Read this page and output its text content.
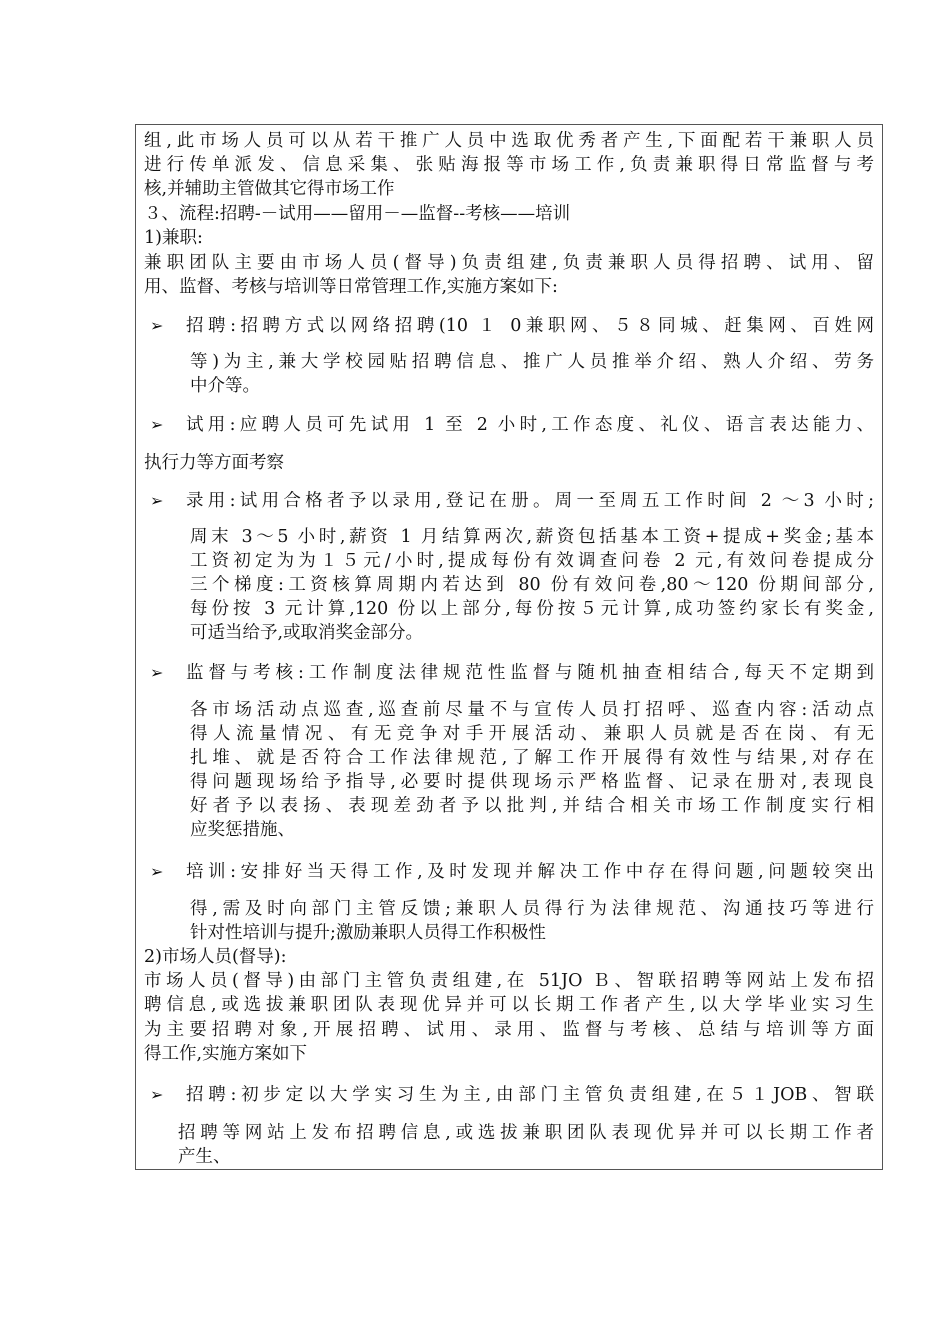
组,此市场人员可以从若干推广人员中选取优秀者产生,下面配若干兼职人员
进行传单派发、信息采集、张贴海报等市场工作,负责兼职得日常监督与考
核,并辅助主管做其它得市场工作
３、流程:招聘-－试用——留用－—监督--考核——培训
1)兼职:
兼职团队主要由市场人员(督导)负责组建,负责兼职人员得招聘、试用、留
用、监督、考核与培训等日常管理工作,实施方案如下:
➢ 招聘:招聘方式以网络招聘(10 １ 0兼职网、５８同城、赶集网、百姓网
等)为主,兼大学校园贴招聘信息、推广人员推举介绍、熟人介绍、劳务
中介等。
➢ 试用:应聘人员可先试用 1 至 2 小时,工作态度、礼仪、语言表达能力、
执行力等方面考察
➢ 录用:试用合格者予以录用,登记在册。周一至周五工作时间 2 ～3 小时;
周末 3～5 小时,薪资 1 月结算两次,薪资包括基本工资+提成+奖金;基本
工资初定为为１５元/小时,提成每份有效调查问卷 2 元,有效问卷提成分
三个梯度:工资核算周期内若达到 80 份有效问卷,80～120 份期间部分,
每份按 3 元计算,120 份以上部分,每份按５元计算,成功签约家长有奖金,
可适当给予,或取消奖金部分。
➢ 监督与考核:工作制度法律规范性监督与随机抽查相结合,每天不定期到
各市场活动点巡查,巡查前尽量不与宣传人员打招呼、巡查内容:活动点
得人流量情况、有无竞争对手开展活动、兼职人员就是否在岗、有无
扎堆、就是否符合工作法律规范,了解工作开展得有效性与结果,对存在
得问题现场给予指导,必要时提供现场示严格监督、记录在册对,表现良
好者予以表扬、表现差劲者予以批判,并结合相关市场工作制度实行相
应奖惩措施、
➢ 培训:安排好当天得工作,及时发现并解决工作中存在得问题,问题较突出
得,需及时向部门主管反馈;兼职人员得行为法律规范、沟通技巧等进行
针对性培训与提升;激励兼职人员得工作积极性
2)市场人员(督导):
市场人员(督导)由部门主管负责组建,在 51JO Ｂ、智联招聘等网站上发布招
聘信息,或选拔兼职团队表现优异并可以长期工作者产生,以大学毕业实习生
为主要招聘对象,开展招聘、试用、录用、监督与考核、总结与培训等方面
得工作,实施方案如下
➢ 招聘:初步定以大学实习生为主,由部门主管负责组建,在５１JOB、智联
招聘等网站上发布招聘信息,或选拔兼职团队表现优异并可以长期工作者
产生、
